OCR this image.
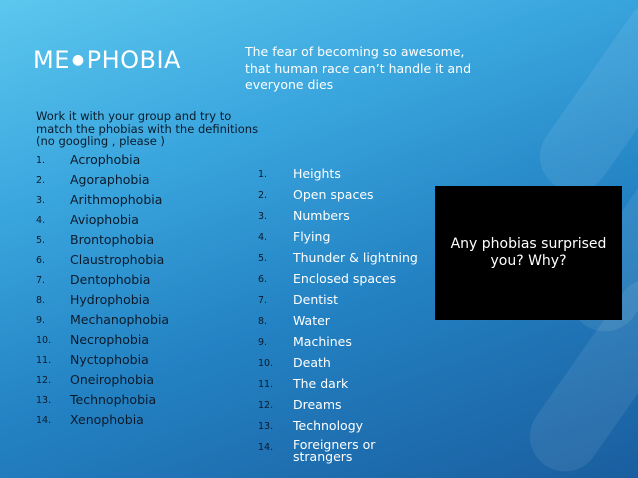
ME ●PHOBIA	The fear of becoming so awesome, that human race can’t handle it and everyone dies
Work it with your group and try to match the phobias with the definitions (no googling , please )
1. Acrophobia
2. Agoraphobia
3. Arithmophobia
4. Aviophobia
5. Brontophobia
6. Claustrophobia
7. Dentophobia
8. Hydrophobia
9. Mechanophobia
10. Necrophobia
11. Nyctophobia
12. Oneirophobia
13. Technophobia
14. Xenophobia
1. Heights
2. Open spaces
3. Numbers
4. Flying
5. Thunder & lightning
6. Enclosed spaces
7. Dentist
8. Water
9. Machines
10. Death
11. The dark
12. Dreams
13. Technology
14. Foreigners or strangers
Any phobias surprised you? Why?
